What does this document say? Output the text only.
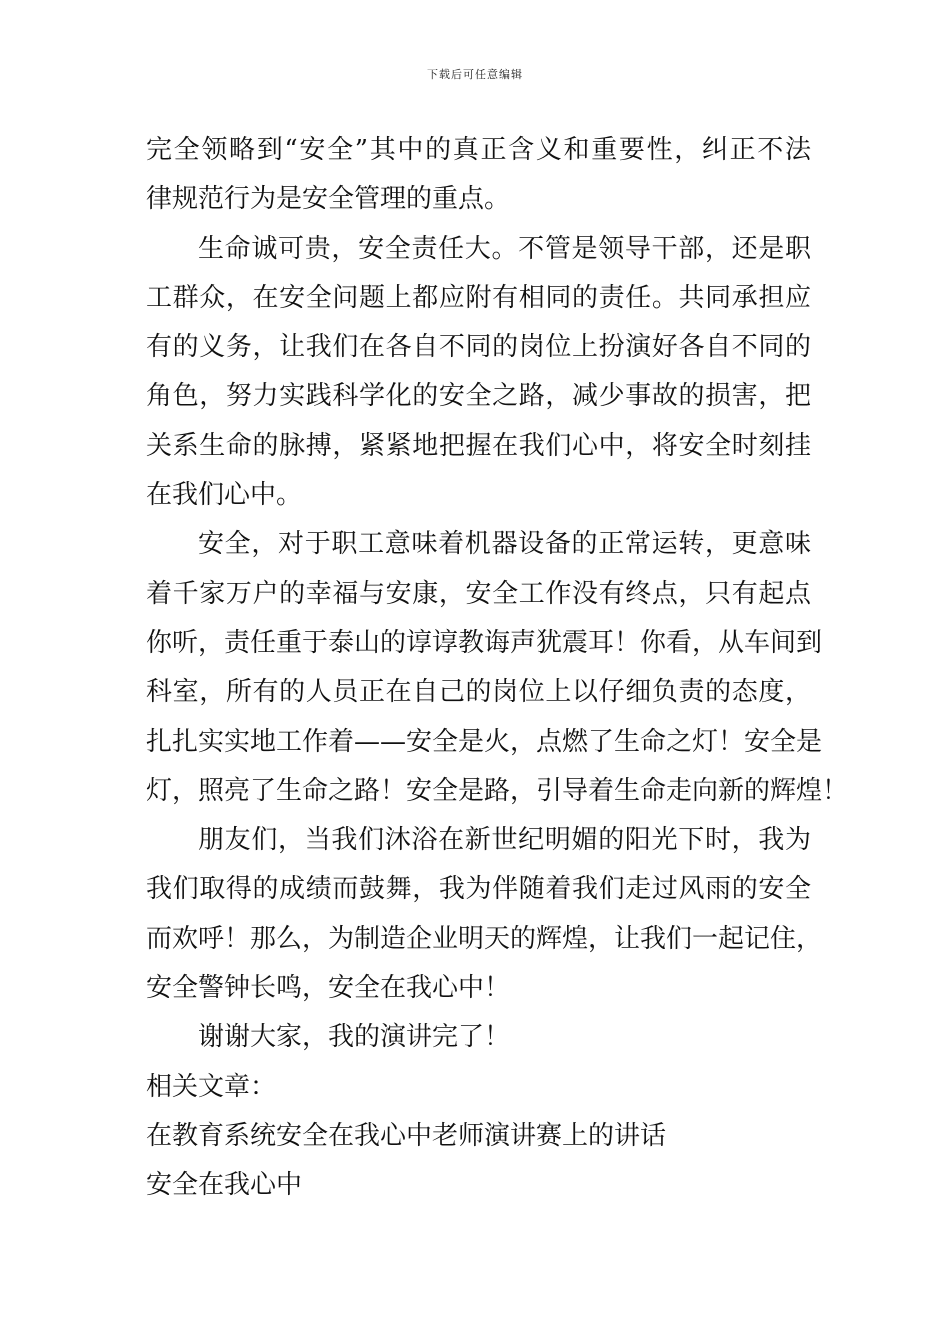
下载后可任意编辑
完全领略到“安全”其中的真正含义和重要性，纠正不法
律规范行为是安全管理的重点。
生命诚可贵，安全责任大。不管是领导干部，还是职
工群众，在安全问题上都应附有相同的责任。共同承担应
有的义务，让我们在各自不同的岗位上扮演好各自不同的
角色，努力实践科学化的安全之路，减少事故的损害，把
关系生命的脉搏，紧紧地把握在我们心中，将安全时刻挂
在我们心中。
安全，对于职工意味着机器设备的正常运转，更意味
着千家万户的幸福与安康，安全工作没有终点，只有起点
你听，责任重于泰山的谆谆教诲声犹震耳！你看，从车间到
科室，所有的人员正在自己的岗位上以仔细负责的态度，
扎扎实实地工作着——安全是火，点燃了生命之灯！安全是
灯，照亮了生命之路！安全是路，引导着生命走向新的辉煌！
朋友们，当我们沐浴在新世纪明媚的阳光下时，我为
我们取得的成绩而鼓舞，我为伴随着我们走过风雨的安全
而欢呼！那么，为制造企业明天的辉煌，让我们一起记住，
安全警钟长鸣，安全在我心中！
谢谢大家，我的演讲完了！
相关文章：
在教育系统安全在我心中老师演讲赛上的讲话
安全在我心中
